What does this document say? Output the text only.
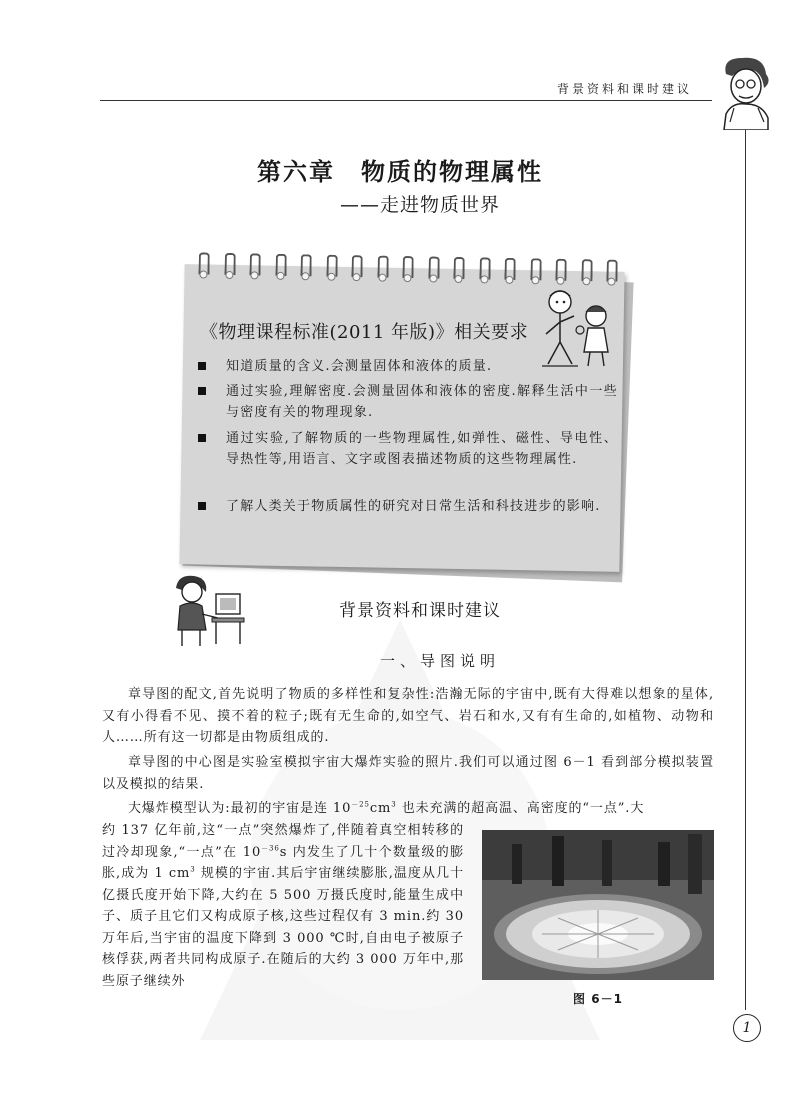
背景资料和课时建议
第六章　物质的物理属性
——走进物质世界
《物理课程标准(2011 年版)》相关要求
知道质量的含义.会测量固体和液体的质量.
通过实验,理解密度.会测量固体和液体的密度.解释生活中一些与密度有关的物理现象.
通过实验,了解物质的一些物理属性,如弹性、磁性、导电性、导热性等,用语言、文字或图表描述物质的这些物理属性.
了解人类关于物质属性的研究对日常生活和科技进步的影响.
背景资料和课时建议
一、导图说明

章导图的配文,首先说明了物质的多样性和复杂性:浩瀚无际的宇宙中,既有大得难以想象的星体,又有小得看不见、摸不着的粒子;既有无生命的,如空气、岩石和水,又有有生命的,如植物、动物和人……所有这一切都是由物质组成的.

章导图的中心图是实验室模拟宇宙大爆炸实验的照片.我们可以通过图 6－1 看到部分模拟装置以及模拟的结果.

大爆炸模型认为:最初的宇宙是连 $10^{-25}cm^3$ 也未充满的超高温、高密度的“一点”.大

约 137 亿年前,这“一点”突然爆炸了,伴随着真空相转移的过冷却现象,“一点”在 $10^{-36}s$ 内发生了几十个数量级的膨胀,成为 1 $cm^3$ 规模的宇宙.其后宇宙继续膨胀,温度从几十亿摄氏度开始下降,大约在 5 500 万摄氏度时,能量生成中子、质子且它们又构成原子核,这些过程仅有 3 min.约 30 万年后,当宇宙的温度下降到 3 000 ℃时,自由电子被原子核俘获,两者共同构成原子.在随后的大约 3 000 万年中,那些原子继续外

图 6－1
1
